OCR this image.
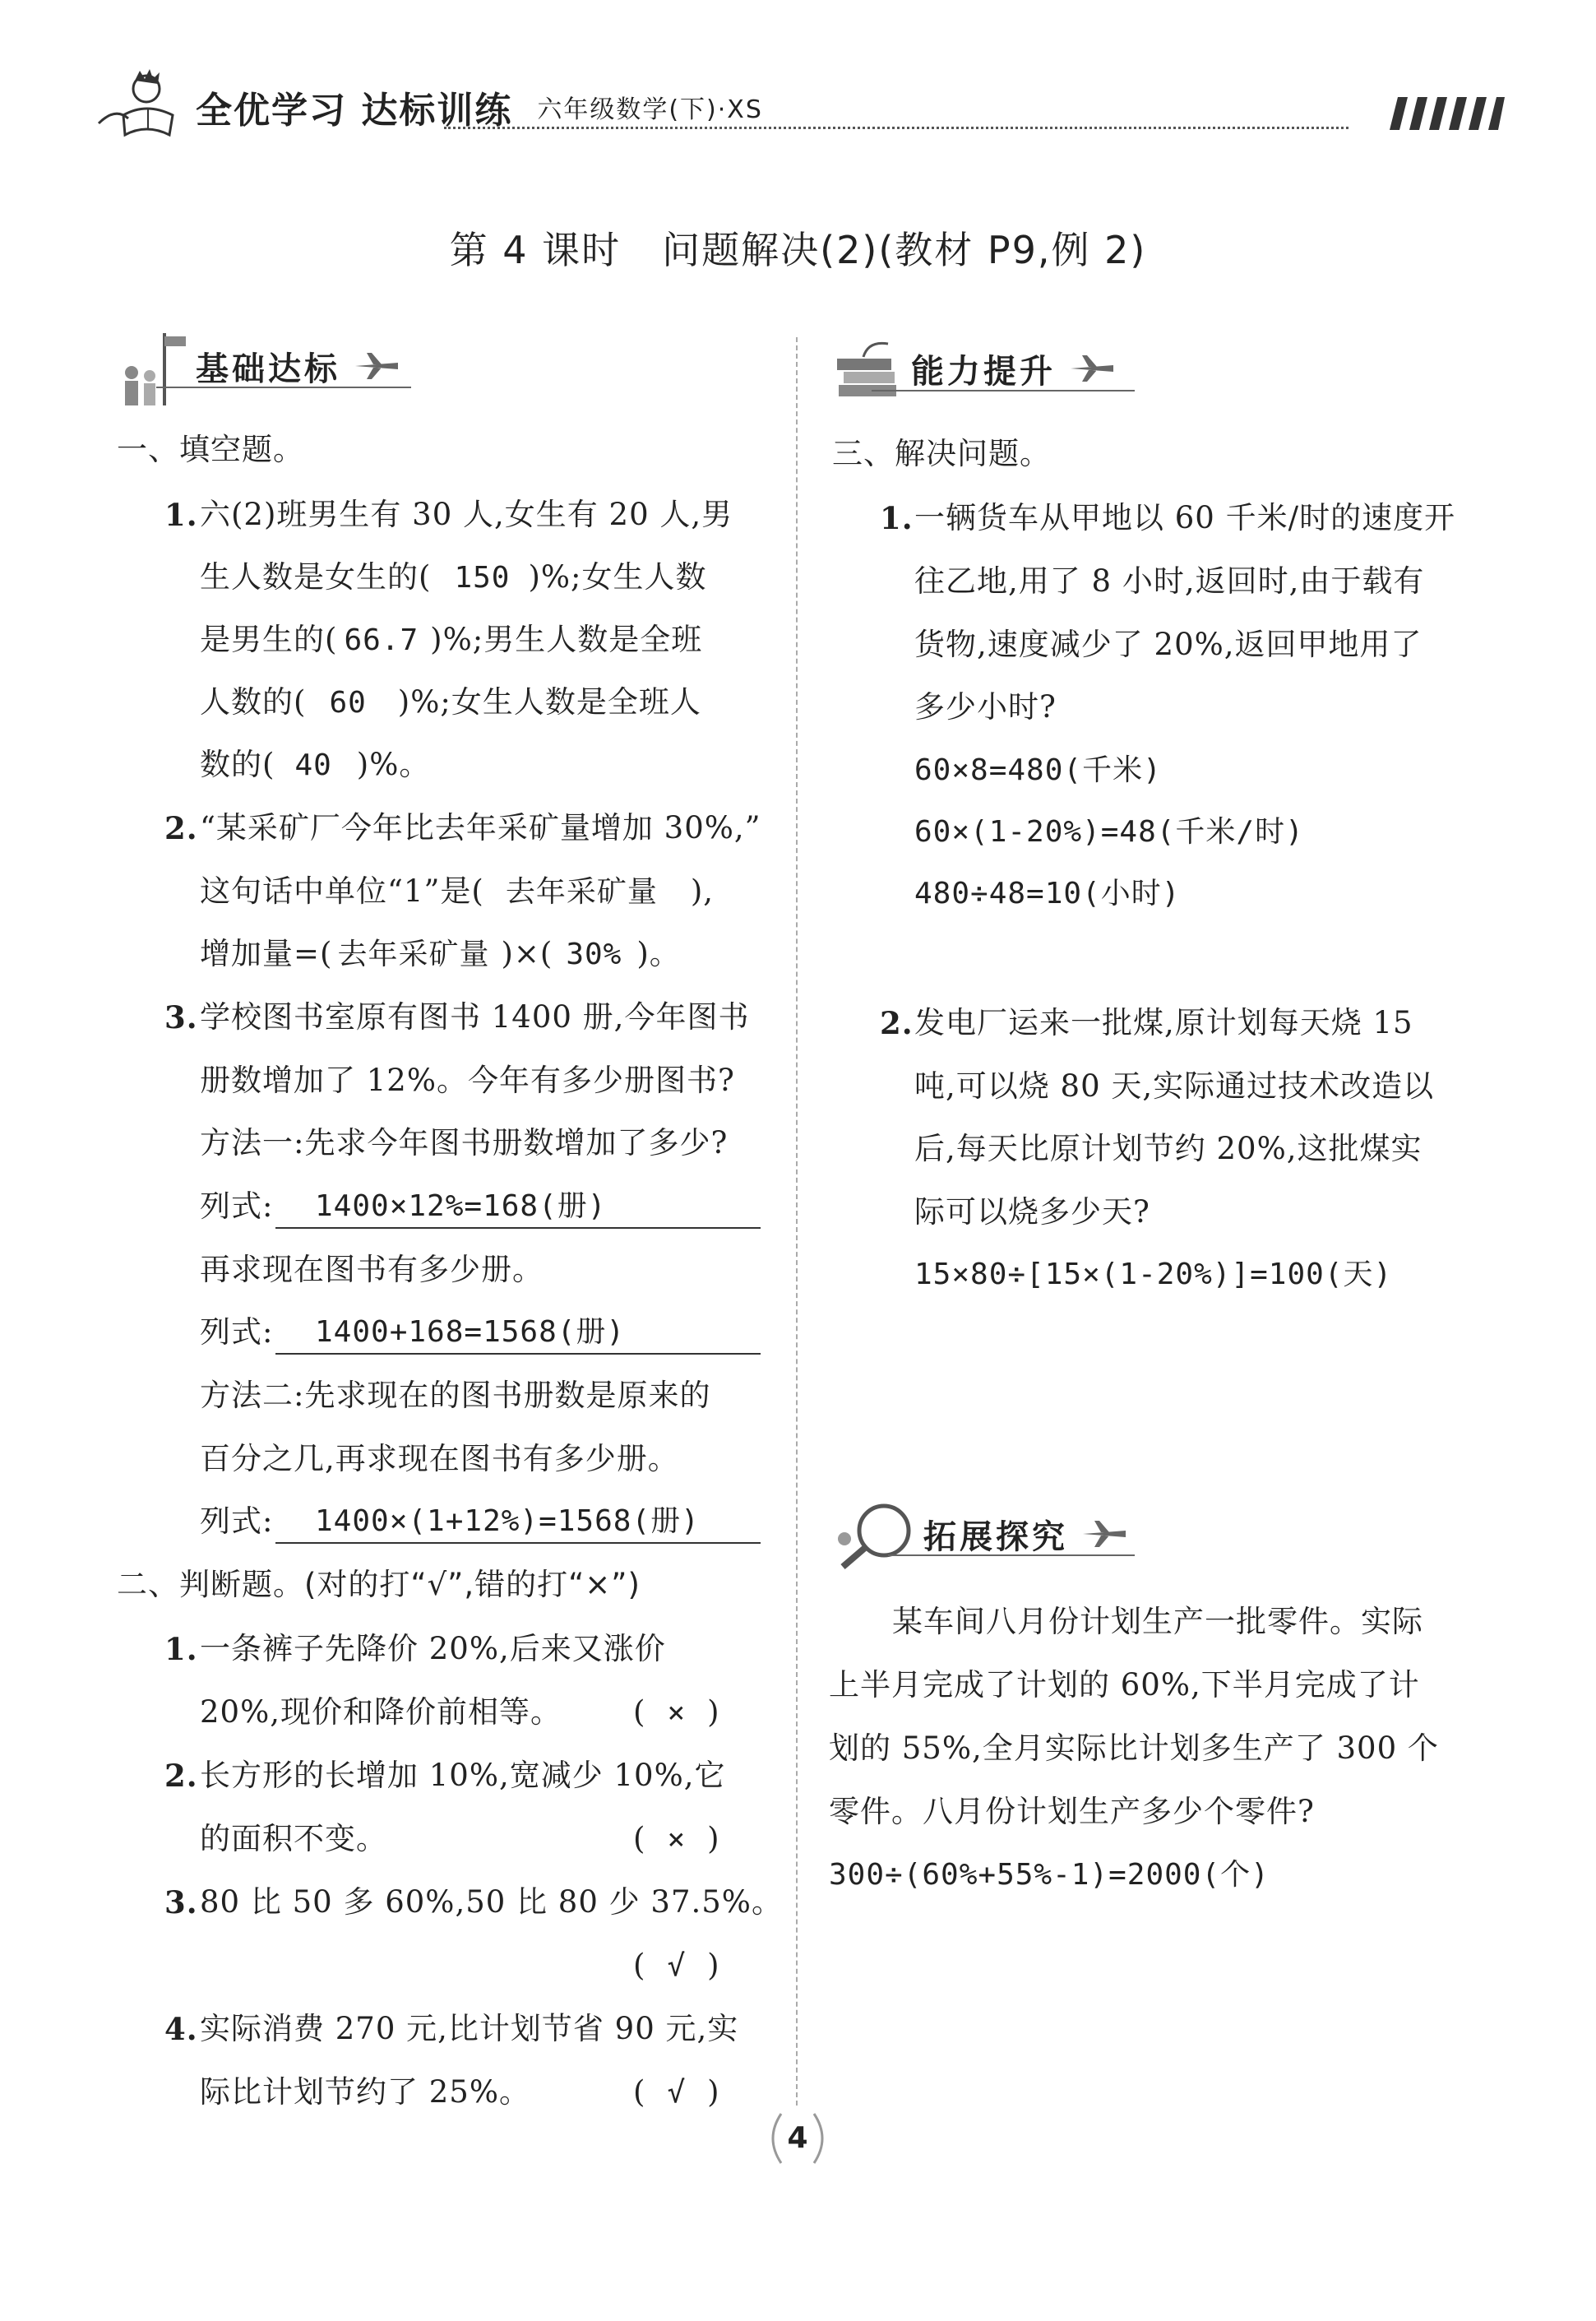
全优学习 达标训练 六年级数学(下)·XS
第 4 课时 问题解决(2)(教材 P9,例 2)
基础达标	能力提升
拓展探究
一、填空题。
1. 六(2)班男生有 30 人,女生有 20 人,男
生人数是女生的( 150 )%;女生人数
是男生的( 66.7 )%;男生人数是全班
人数的( 60 )%;女生人数是全班人
数的( 40 )%。
2. “某采矿厂今年比去年采矿量增加 30%,”
这句话中单位“1”是( 去年采矿量 ),
增加量=( 去年采矿量 )×( 30% )。
3. 学校图书室原有图书 1400 册,今年图书
册数增加了 12%。今年有多少册图书?
方法一:先求今年图书册数增加了多少?
列式: 1400×12%=168(册)
再求现在图书有多少册。
列式: 1400+168=1568(册)
方法二:先求现在的图书册数是原来的
百分之几,再求现在图书有多少册。
列式: 1400×(1+12%)=1568(册)
二、判断题。(对的打“√”,错的打“×”)
1. 一条裤子先降价 20%,后来又涨价
20%,现价和降价前相等。 ( × )
2. 长方形的长增加 10%,宽减少 10%,它
的面积不变。	( × )
3. 80 比 50 多 60%,50 比 80 少 37.5%。
( √ )
4. 实际消费 270 元,比计划节省 90 元,实
际比计划节约了 25%。	( √ )
三、解决问题。
1. 一辆货车从甲地以 60 千米/时的速度开
往乙地,用了 8 小时,返回时,由于载有
货物,速度减少了 20%,返回甲地用了
多少小时?
60×8=480(千米)
60×(1-20%)=48(千米/时)
480÷48=10(小时)
2. 发电厂运来一批煤,原计划每天烧 15
吨,可以烧 80 天,实际通过技术改造以
后,每天比原计划节约 20%,这批煤实
际可以烧多少天?
15×80÷[15×(1-20%)]=100(天)
某车间八月份计划生产一批零件。实际
上半月完成了计划的 60%,下半月完成了计
划的 55%,全月实际比计划多生产了 300 个
零件。八月份计划生产多少个零件?
300÷(60%+55%-1)=2000(个)
4
